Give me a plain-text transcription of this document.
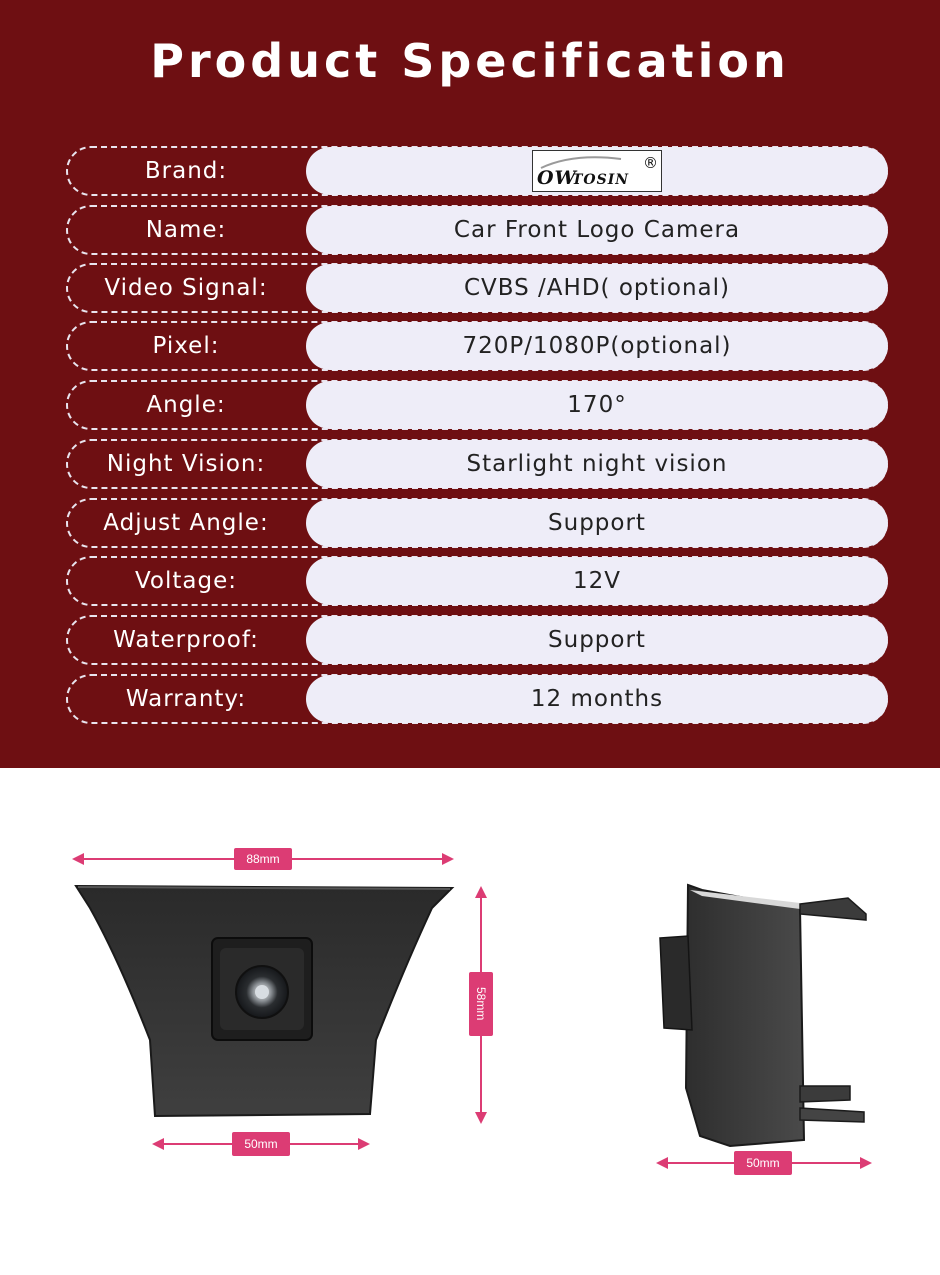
Product Specification
Brand:	OW
TOSIN
®
Name:	Car Front Logo Camera
Video Signal:	CVBS /AHD( optional)
Pixel:	720P/1080P(optional)
Angle:	170°
Night Vision:	Starlight night vision
Adjust Angle:	Support
Voltage:	12V
Waterproof:	Support
Warranty:	12 months
88mm
58mm
50mm
50mm
